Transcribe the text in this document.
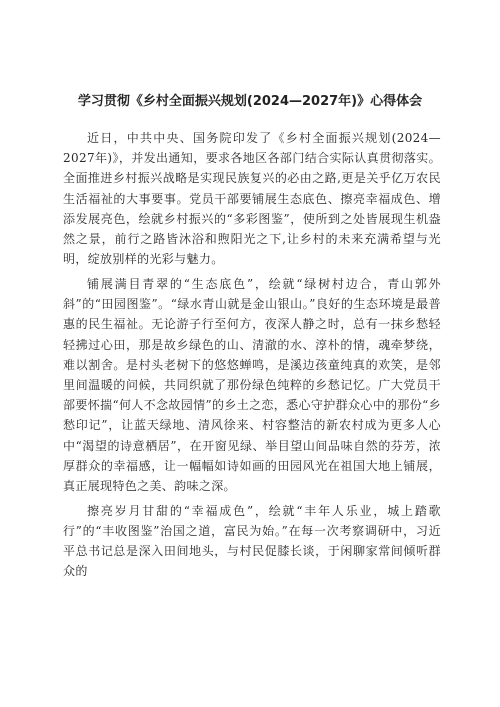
学习贯彻《乡村全面振兴规划(2024—2027年)》心得体会

近日，中共中央、国务院印发了《乡村全面振兴规划(2024—2027年)》，并发出通知，要求各地区各部门结合实际认真贯彻落实。全面推进乡村振兴战略是实现民族复兴的必由之路,更是关乎亿万农民生活福祉的大事要事。党员干部要铺展生态底色、擦亮幸福成色、增添发展亮色，绘就乡村振兴的“多彩图鉴”，使所到之处皆展现生机盎然之景，前行之路皆沐浴和煦阳光之下,让乡村的未来充满希望与光明，绽放别样的光彩与魅力。

铺展满目青翠的“生态底色”，绘就“绿树村边合，青山郭外斜”的“田园图鉴”。“绿水青山就是金山银山。”良好的生态环境是最普惠的民生福祉。无论游子行至何方，夜深人静之时，总有一抹乡愁轻轻拂过心田，那是故乡绿色的山、清澈的水、淳朴的情，魂牵梦绕，难以割舍。是村头老树下的悠悠蝉鸣，是溪边孩童纯真的欢笑，是邻里间温暖的问候，共同织就了那份绿色纯粹的乡愁记忆。广大党员干部要怀揣“何人不念故园情”的乡土之恋，悉心守护群众心中的那份“乡愁印记”，让蓝天绿地、清风徐来、村容整洁的新农村成为更多人心中“渴望的诗意栖居”，在开窗见绿、举目望山间品味自然的芬芳，浓厚群众的幸福感，让一幅幅如诗如画的田园风光在祖国大地上铺展，真正展现特色之美、韵味之深。

擦亮岁月甘甜的“幸福成色”，绘就“丰年人乐业，城上踏歌行”的“丰收图鉴”治国之道，富民为始。”在每一次考察调研中，习近平总书记总是深入田间地头，与村民促膝长谈，于闲聊家常间倾听群众的
